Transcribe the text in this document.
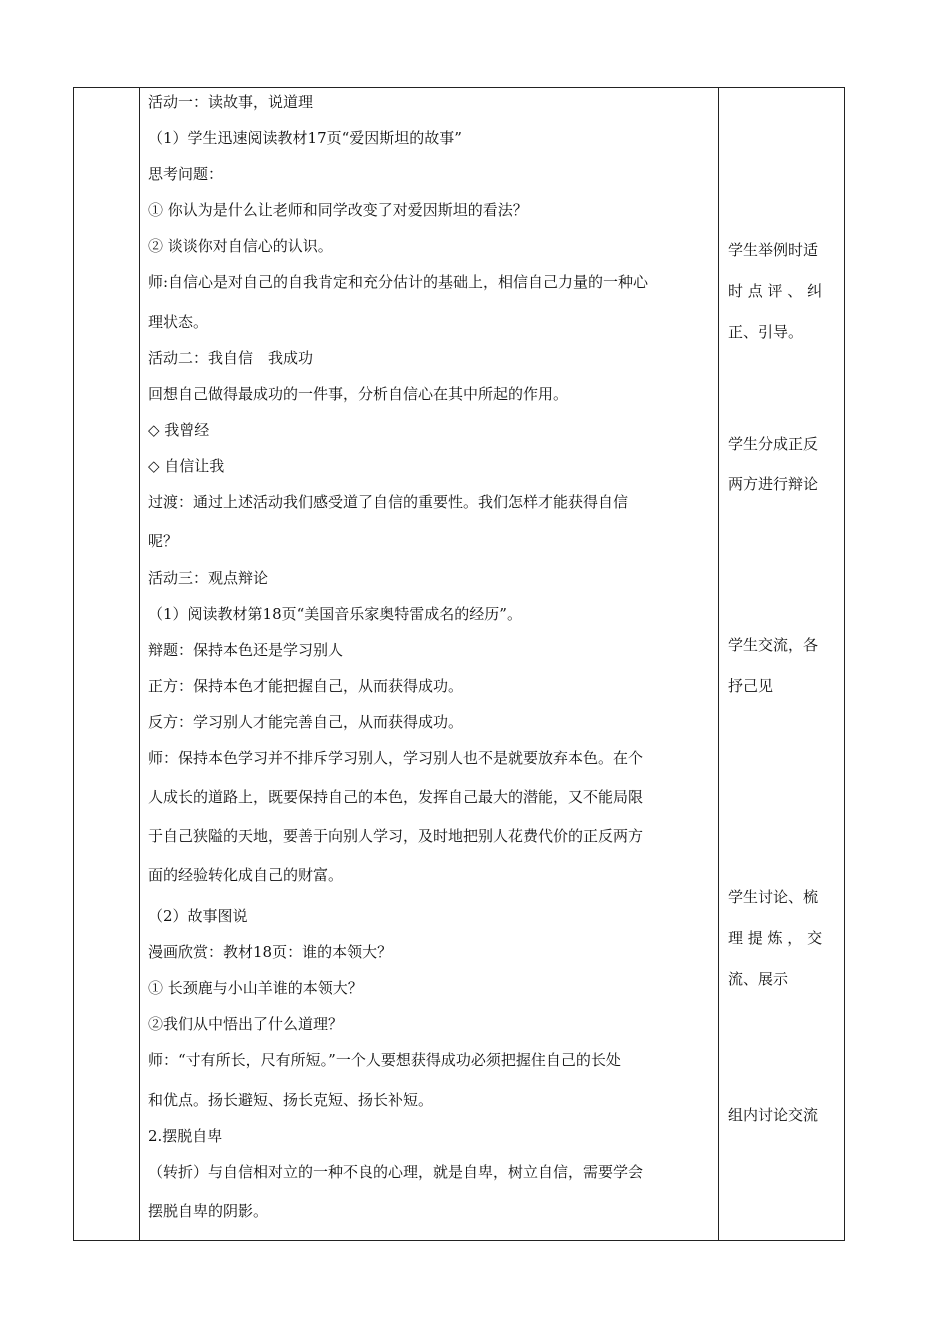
活动一：读故事，说道理
（1）学生迅速阅读教材17页“爱因斯坦的故事”
思考问题：
① 你认为是什么让老师和同学改变了对爱因斯坦的看法？
② 谈谈你对自信心的认识。
师:自信心是对自己的自我肯定和充分估计的基础上，相信自己力量的一种心
理状态。
活动二：我自信　我成功
回想自己做得最成功的一件事，分析自信心在其中所起的作用。
◇ 我曾经
◇ 自信让我
过渡：通过上述活动我们感受道了自信的重要性。我们怎样才能获得自信
呢？
活动三：观点辩论
（1）阅读教材第18页“美国音乐家奥特雷成名的经历”。
辩题：保持本色还是学习别人
正方：保持本色才能把握自己，从而获得成功。
反方：学习别人才能完善自己，从而获得成功。
师：保持本色学习并不排斥学习别人，学习别人也不是就要放弃本色。在个
人成长的道路上，既要保持自己的本色，发挥自己最大的潜能，又不能局限
于自己狭隘的天地，要善于向别人学习，及时地把别人花费代价的正反两方
面的经验转化成自己的财富。
（2）故事图说
漫画欣赏：教材18页：谁的本领大？
① 长颈鹿与小山羊谁的本领大？
②我们从中悟出了什么道理？
师：“寸有所长，尺有所短。”一个人要想获得成功必须把握住自己的长处
和优点。扬长避短、扬长克短、扬长补短。
2.摆脱自卑
（转折）与自信相对立的一种不良的心理，就是自卑，树立自信，需要学会
摆脱自卑的阴影。
学生举例时适
时 点 评 、 纠
正、引导。
学生分成正反
两方进行辩论
学生交流，各
抒己见
学生讨论、梳
理 提 炼 ， 交
流、展示
组内讨论交流
